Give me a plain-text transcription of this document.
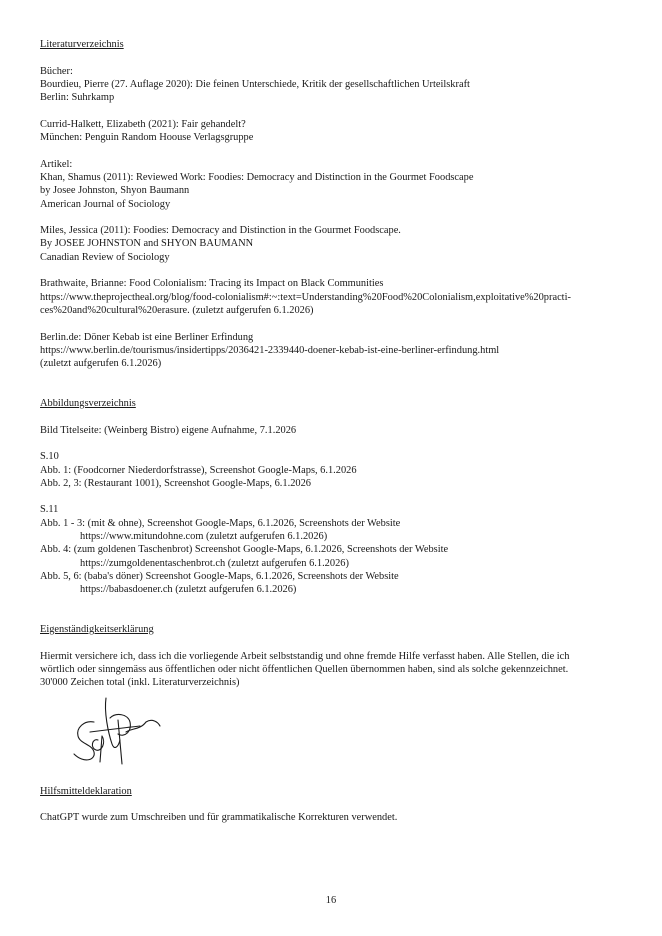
Literaturverzeichnis
Bücher:
Bourdieu, Pierre (27. Auflage 2020): Die feinen Unterschiede, Kritik der gesellschaftlichen Urteilskraft
Berlin: Suhrkamp
Currid-Halkett, Elizabeth (2021): Fair gehandelt?
München: Penguin Random Hoouse Verlagsgruppe
Artikel:
Khan, Shamus (2011): Reviewed Work: Foodies: Democracy and Distinction in the Gourmet Foodscape
by Josee Johnston, Shyon Baumann
American Journal of Sociology
Miles, Jessica (2011): Foodies: Democracy and Distinction in the Gourmet Foodscape.
By JOSEE JOHNSTON and SHYON BAUMANN
Canadian Review of Sociology
Brathwaite, Brianne: Food Colonialism: Tracing its Impact on Black Communities
https://www.theprojectheal.org/blog/food-colonialism#:~:text=Understanding%20Food%20Colonialism,exploitative%20practi-
ces%20and%20cultural%20erasure. (zuletzt aufgerufen 6.1.2026)
Berlin.de: Döner Kebab ist eine Berliner Erfindung
https://www.berlin.de/tourismus/insidertipps/2036421-2339440-doener-kebab-ist-eine-berliner-erfindung.html
(zuletzt aufgerufen 6.1.2026)
Abbildungsverzeichnis
Bild Titelseite: (Weinberg Bistro) eigene Aufnahme, 7.1.2026
S.10
Abb. 1: (Foodcorner Niederdorfstrasse), Screenshot Google-Maps, 6.1.2026
Abb. 2, 3: (Restaurant 1001), Screenshot Google-Maps, 6.1.2026
S.11
Abb. 1 - 3: (mit & ohne), Screenshot Google-Maps, 6.1.2026, Screenshots der Website
https://www.mitundohne.com (zuletzt aufgerufen 6.1.2026)
Abb. 4: (zum goldenen Taschenbrot) Screenshot Google-Maps, 6.1.2026, Screenshots der Website
https://zumgoldenentaschenbrot.ch (zuletzt aufgerufen 6.1.2026)
Abb. 5, 6: (baba's döner) Screenshot Google-Maps, 6.1.2026, Screenshots der Website
https://babasdoener.ch (zuletzt aufgerufen 6.1.2026)
Eigenständigkeitserklärung
Hiermit versichere ich, dass ich die vorliegende Arbeit selbststandig und ohne fremde Hilfe verfasst haben. Alle Stellen, die ich
wörtlich oder sinngemäss aus öffentlichen oder nicht öffentlichen Quellen übernommen haben, sind als solche gekennzeichnet.
30'000 Zeichen total (inkl. Literaturverzeichnis)
Hilfsmitteldeklaration
ChatGPT wurde zum Umschreiben und für grammatikalische Korrekturen verwendet.
16
